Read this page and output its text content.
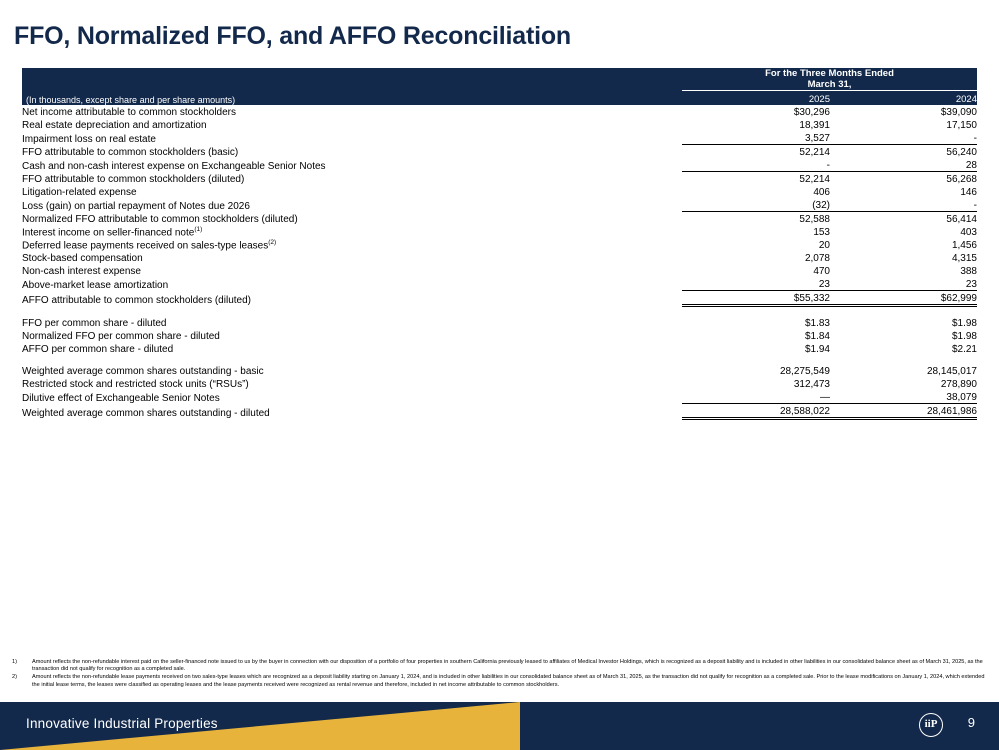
FFO, Normalized FFO, and AFFO Reconciliation
	For the Three Months Ended
March 31,	
(In thousands, except share and per share amounts)	2025	2024
Net income attributable to common stockholders	$30,296	$39,090
Real estate depreciation and amortization	18,391	17,150
Impairment loss on real estate	3,527	-
FFO attributable to common stockholders (basic)	52,214	56,240
Cash and non-cash interest expense on Exchangeable Senior Notes	-	28
FFO attributable to common stockholders (diluted)	52,214	56,268
Litigation-related expense	406	146
Loss (gain) on partial repayment of Notes due 2026	(32)	-
Normalized FFO attributable to common stockholders (diluted)	52,588	56,414
Interest income on seller-financed note$^{(1)}$	153	403
Deferred lease payments received on sales-type leases$^{(2)}$	20	1,456
Stock-based compensation	2,078	4,315
Non-cash interest expense	470	388
Above-market lease amortization	23	23
AFFO attributable to common stockholders (diluted)	$55,332	$62,999

FFO per common share - diluted	$1.83	$1.98
Normalized FFO per common share - diluted	$1.84	$1.98
AFFO per common share - diluted	$1.94	$2.21

Weighted average common shares outstanding - basic	28,275,549	28,145,017
Restricted stock and restricted stock units (“RSUs”)	312,473	278,890
Dilutive effect of Exchangeable Senior Notes	—	38,079
Weighted average common shares outstanding - diluted	28,588,022	28,461,986
1)	Amount reflects the non-refundable interest paid on the seller-financed note issued to us by the buyer in connection with our disposition of a portfolio of four properties in southern California previously leased to affiliates of Medical Investor Holdings, which is recognized as a deposit liability and is included in other liabilities in our consolidated balance sheet as of March 31, 2025, as the transaction did not qualify for recognition as a completed sale.
2)	Amount reflects the non-refundable lease payments received on two sales-type leases which are recognized as a deposit liability starting on January 1, 2024, and is included in other liabilities in our consolidated balance sheet as of March 31, 2025, as the transaction did not qualify for recognition as a completed sale. Prior to the lease modifications on January 1, 2024, which extended the initial lease terms, the leases were classified as operating leases and the lease payments received were recognized as rental revenue and therefore, included in net income attributable to common stockholders.
Innovative Industrial Properties	iiP	9
